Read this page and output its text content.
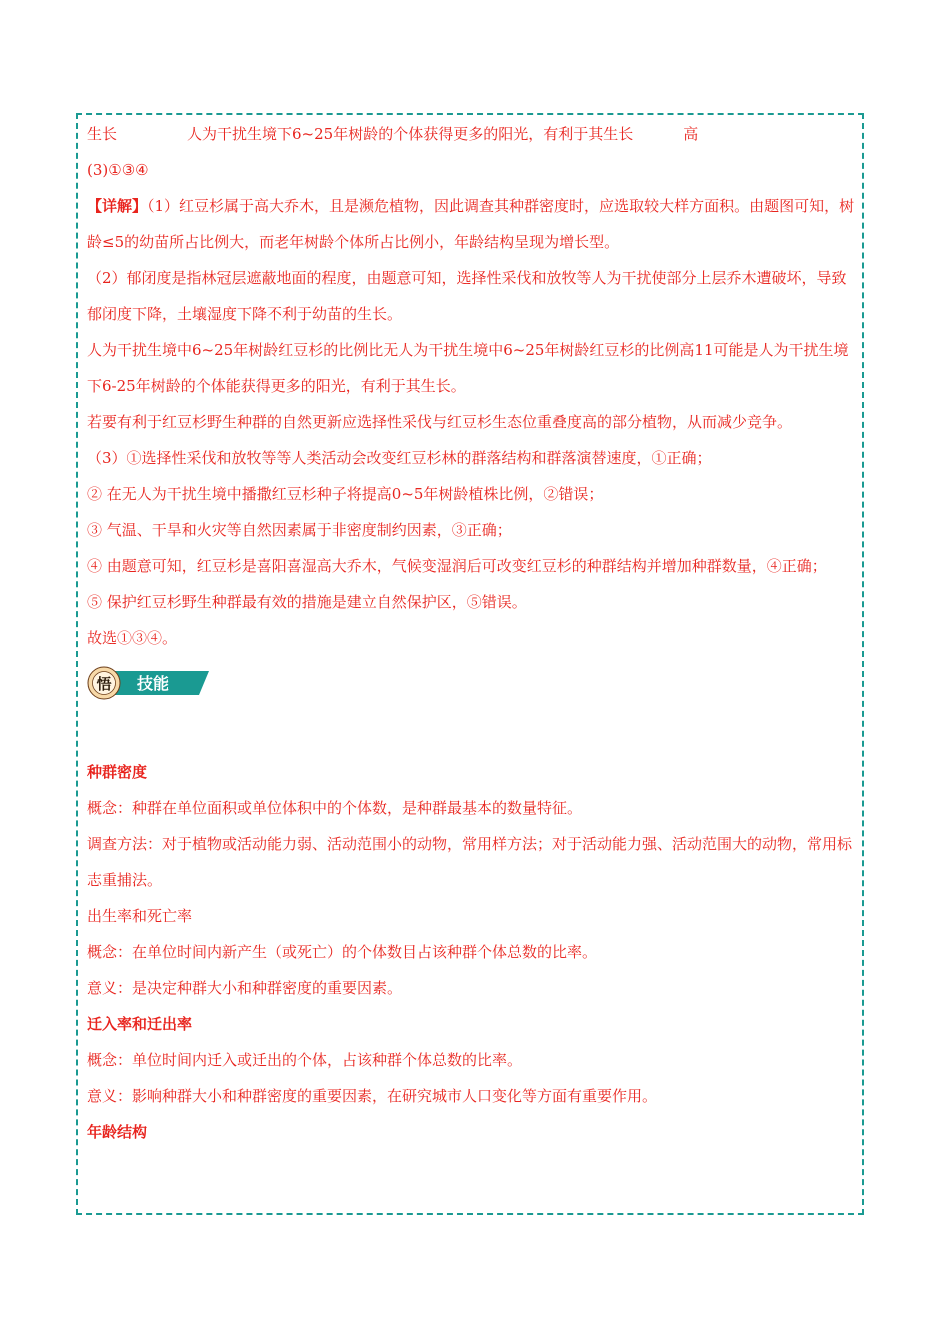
生长	人为干扰生境下6~25年树龄的个体获得更多的阳光，有利于其生长	高
(3)①③④
【详解】（1）红豆杉属于高大乔木，且是濒危植物，因此调查其种群密度时，应选取较大样方面积。由题图可知，树龄≤5的幼苗所占比例大，而老年树龄个体所占比例小，年龄结构呈现为增长型。
（2）郁闭度是指林冠层遮蔽地面的程度，由题意可知，选择性采伐和放牧等人为干扰使部分上层乔木遭破坏，导致郁闭度下降，土壤湿度下降不利于幼苗的生长。
人为干扰生境中6~25年树龄红豆杉的比例比无人为干扰生境中6~25年树龄红豆杉的比例高11可能是人为干扰生境下6-25年树龄的个体能获得更多的阳光，有利于其生长。
若要有利于红豆杉野生种群的自然更新应选择性采伐与红豆杉生态位重叠度高的部分植物，从而减少竞争。
（3）①选择性采伐和放牧等等人类活动会改变红豆杉林的群落结构和群落演替速度，①正确；
② 在无人为干扰生境中播撒红豆杉种子将提高0~5年树龄植株比例，②错误；
③ 气温、干旱和火灾等自然因素属于非密度制约因素，③正确；
④ 由题意可知，红豆杉是喜阳喜湿高大乔木，气候变湿润后可改变红豆杉的种群结构并增加种群数量，④正确；
⑤ 保护红豆杉野生种群最有效的措施是建立自然保护区，⑤错误。
故选①③④。
悟 技能
种群密度
概念：种群在单位面积或单位体积中的个体数，是种群最基本的数量特征。
调查方法：对于植物或活动能力弱、活动范围小的动物，常用样方法；对于活动能力强、活动范围大的动物，常用标志重捕法。
出生率和死亡率
概念：在单位时间内新产生（或死亡）的个体数目占该种群个体总数的比率。
意义：是决定种群大小和种群密度的重要因素。
迁入率和迁出率
概念：单位时间内迁入或迁出的个体，占该种群个体总数的比率。
意义：影响种群大小和种群密度的重要因素，在研究城市人口变化等方面有重要作用。
年龄结构
